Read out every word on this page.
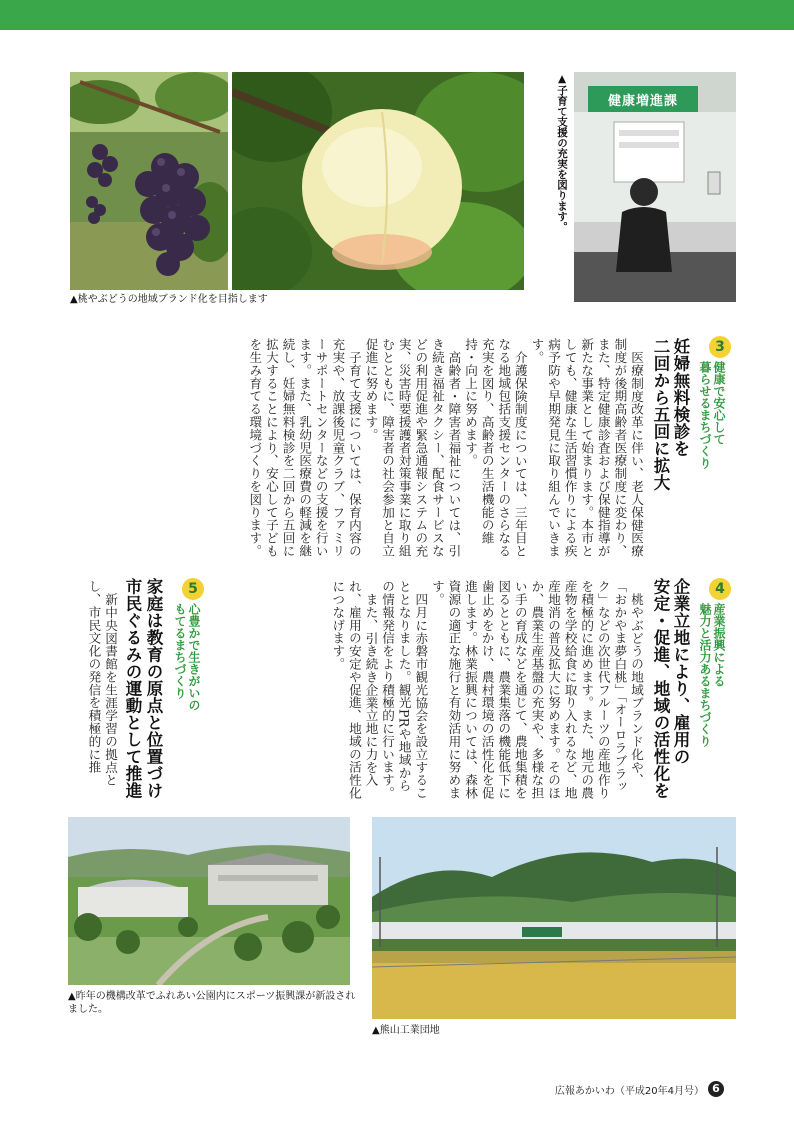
健康増進課
▲桃やぶどうの地域ブランド化を目指します
▲子育て支援の充実を図ります。
3
健康で安心して
暮らせるまちづくり
妊婦無料検診を
二回から五回に拡大

医療制度改革に伴い、老人保健医療制度が後期高齢者医療制度に変わり、また、特定健康診査および保健指導が新たな事業として始まります。本市としても、健康な生活習慣作りによる疾病予防や早期発見に取り組んでいきます。

介護保険制度については、三年目となる地域包括支援センターのさらなる充実を図り、高齢者の生活機能の維持・向上に努めます。

高齢者・障害者福祉については、引き続き福祉タクシー、配食サービスなどの利用促進や緊急通報システムの充実、災害時要援護者対策事業に取り組むとともに、障害者の社会参加と自立促進に努めます。

子育て支援については、保育内容の充実や、放課後児童クラブ、ファミリーサポートセンターなどの支援を行います。また、乳幼児医療費の軽減を継続し、妊婦無料検診を二回から五回に拡大することにより、安心して子どもを生み育てる環境づくりを図ります。

4
産業振興による
魅力と活力あるまちづくり
企業立地により、雇用の
安定・促進、地域の活性化を

桃やぶどうの地域ブランド化や、「おかやま夢白桃」「オーロラブラック」などの次世代フルーツの産地作りを積極的に進めます。また、地元の農産物を学校給食に取り入れるなど、地産地消の普及拡大に努めます。そのほか、農業生産基盤の充実や、多様な担い手の育成などを通じて、農地集積を図るとともに、農業集落の機能低下に歯止めをかけ、農村環境の活性化を促進します。林業振興については、森林資源の適正な施行と有効活用に努めます。

四月に赤磐市観光協会を設立することとなりました。観光PRや地域からの情報発信をより積極的に行います。

また、引き続き企業立地に力を入れ、雇用の安定や促進、地域の活性化につなげます。

5
心豊かで生きがいの
もてるまちづくり
家庭は教育の原点と位置づけ
市民ぐるみの運動として推進

新中央図書館を生涯学習の拠点とし、市民文化の発信を積極的に推

▲昨年の機構改革でふれあい公園内にスポーツ振興課が新設されました。
▲熊山工業団地
広報あかいわ（平成20年4月号） 6
